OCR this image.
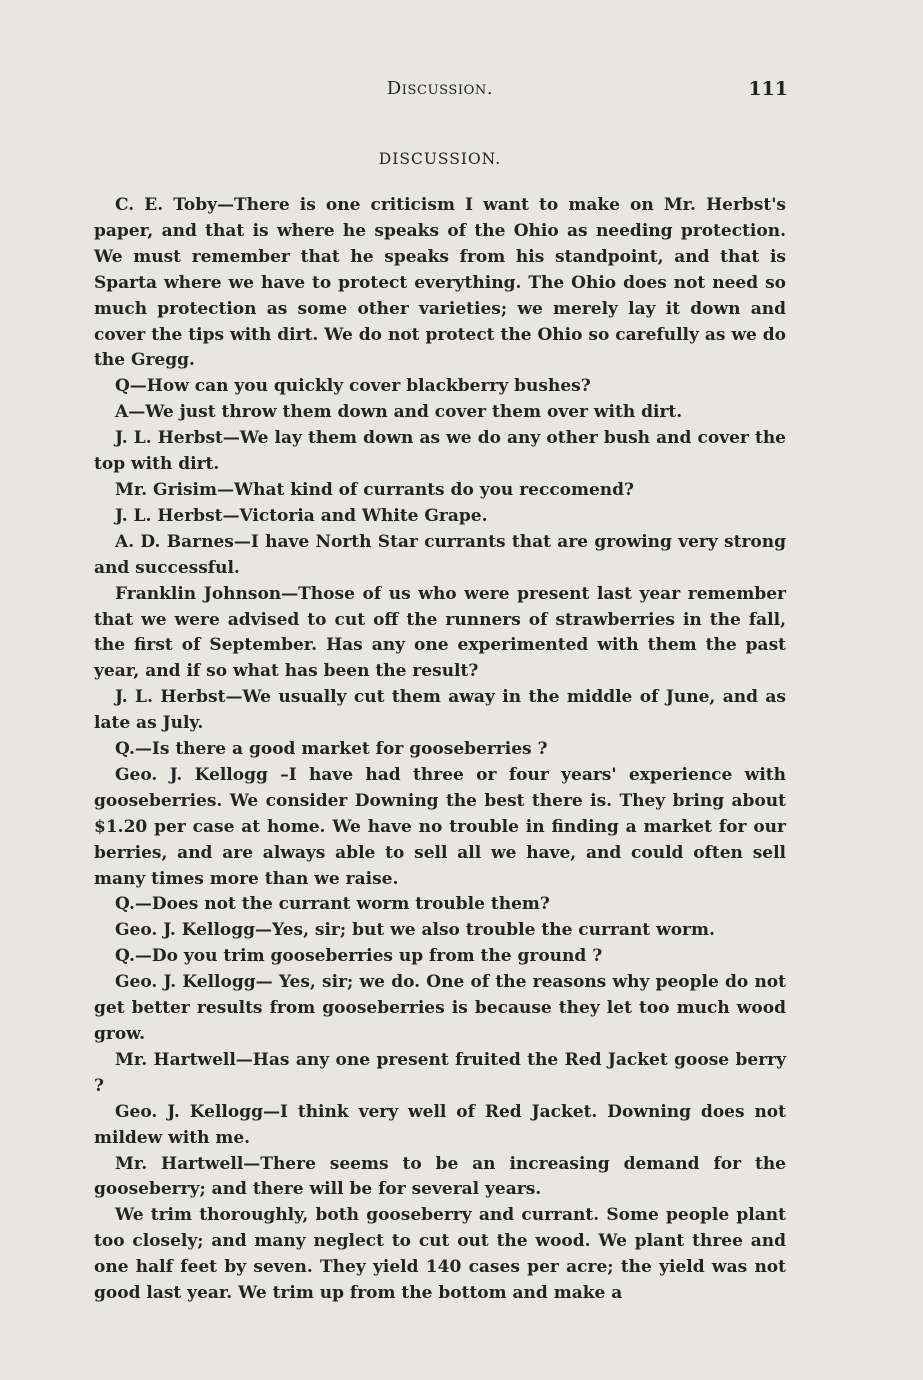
Discussion.	111
DISCUSSION.

C. E. Toby—There is one criticism I want to make on Mr. Herbst's paper, and that is where he speaks of the Ohio as needing protection. We must remember that he speaks from his standpoint, and that is Sparta where we have to protect everything. The Ohio does not need so much protection as some other varieties; we merely lay it down and cover the tips with dirt. We do not protect the Ohio so carefully as we do the Gregg.

Q—How can you quickly cover blackberry bushes?

A—We just throw them down and cover them over with dirt.

J. L. Herbst—We lay them down as we do any other bush and cover the top with dirt.

Mr. Grisim—What kind of currants do you reccomend?

J. L. Herbst—Victoria and White Grape.

A. D. Barnes—I have North Star currants that are growing very strong and successful.

Franklin Johnson—Those of us who were present last year remember that we were advised to cut off the runners of strawberries in the fall, the first of September. Has any one experimented with them the past year, and if so what has been the result?

J. L. Herbst—We usually cut them away in the middle of June, and as late as July.

Q.—Is there a good market for gooseberries ?

Geo. J. Kellogg –I have had three or four years' experience with gooseberries. We consider Downing the best there is. They bring about $1.20 per case at home. We have no trouble in finding a market for our berries, and are always able to sell all we have, and could often sell many times more than we raise.

Q.—Does not the currant worm trouble them?

Geo. J. Kellogg—Yes, sir; but we also trouble the currant worm.

Q.—Do you trim gooseberries up from the ground ?

Geo. J. Kellogg— Yes, sir; we do. One of the reasons why people do not get better results from gooseberries is because they let too much wood grow.

Mr. Hartwell—Has any one present fruited the Red Jacket goose berry ?

Geo. J. Kellogg—I think very well of Red Jacket. Downing does not mildew with me.

Mr. Hartwell—There seems to be an increasing demand for the gooseberry; and there will be for several years.

We trim thoroughly, both gooseberry and currant. Some people plant too closely; and many neglect to cut out the wood. We plant three and one half feet by seven. They yield 140 cases per acre; the yield was not good last year. We trim up from the bottom and make a
